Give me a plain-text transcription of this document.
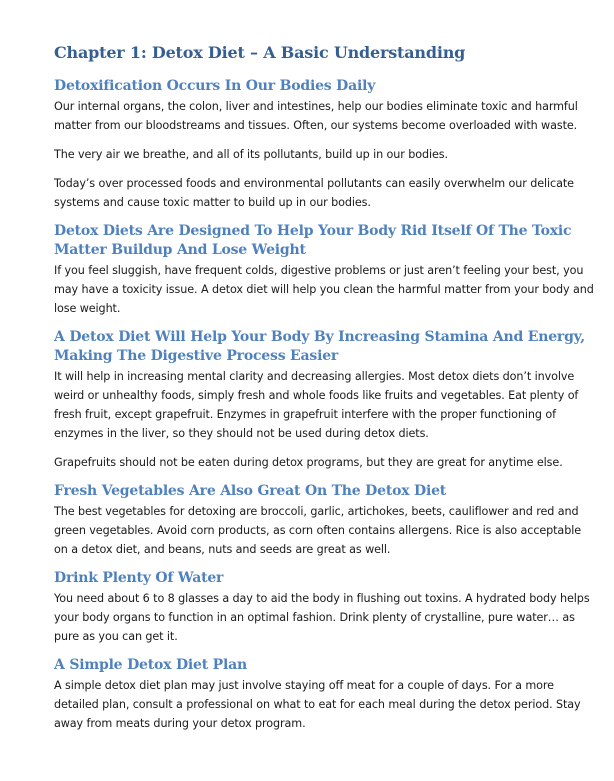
Chapter 1: Detox Diet – A Basic Understanding
Detoxification Occurs In Our Bodies Daily

Our internal organs, the colon, liver and intestines, help our bodies eliminate toxic and harmful matter from our bloodstreams and tissues. Often, our systems become overloaded with waste.

The very air we breathe, and all of its pollutants, build up in our bodies.

Today’s over processed foods and environmental pollutants can easily overwhelm our delicate systems and cause toxic matter to build up in our bodies.

Detox Diets Are Designed To Help Your Body Rid Itself Of The Toxic Matter Buildup And Lose Weight

If you feel sluggish, have frequent colds, digestive problems or just aren’t feeling your best, you may have a toxicity issue. A detox diet will help you clean the harmful matter from your body and lose weight.

A Detox Diet Will Help Your Body By Increasing Stamina And Energy, Making The Digestive Process Easier

It will help in increasing mental clarity and decreasing allergies. Most detox diets don’t involve weird or unhealthy foods, simply fresh and whole foods like fruits and vegetables. Eat plenty of fresh fruit, except grapefruit. Enzymes in grapefruit interfere with the proper functioning of enzymes in the liver, so they should not be used during detox diets.

Grapefruits should not be eaten during detox programs, but they are great for anytime else.

Fresh Vegetables Are Also Great On The Detox Diet

The best vegetables for detoxing are broccoli, garlic, artichokes, beets, cauliflower and red and green vegetables. Avoid corn products, as corn often contains allergens. Rice is also acceptable on a detox diet, and beans, nuts and seeds are great as well.

Drink Plenty Of Water

You need about 6 to 8 glasses a day to aid the body in flushing out toxins. A hydrated body helps your body organs to function in an optimal fashion. Drink plenty of crystalline, pure water… as pure as you can get it.

A Simple Detox Diet Plan

A simple detox diet plan may just involve staying off meat for a couple of days. For a more detailed plan, consult a professional on what to eat for each meal during the detox period. Stay away from meats during your detox program.
